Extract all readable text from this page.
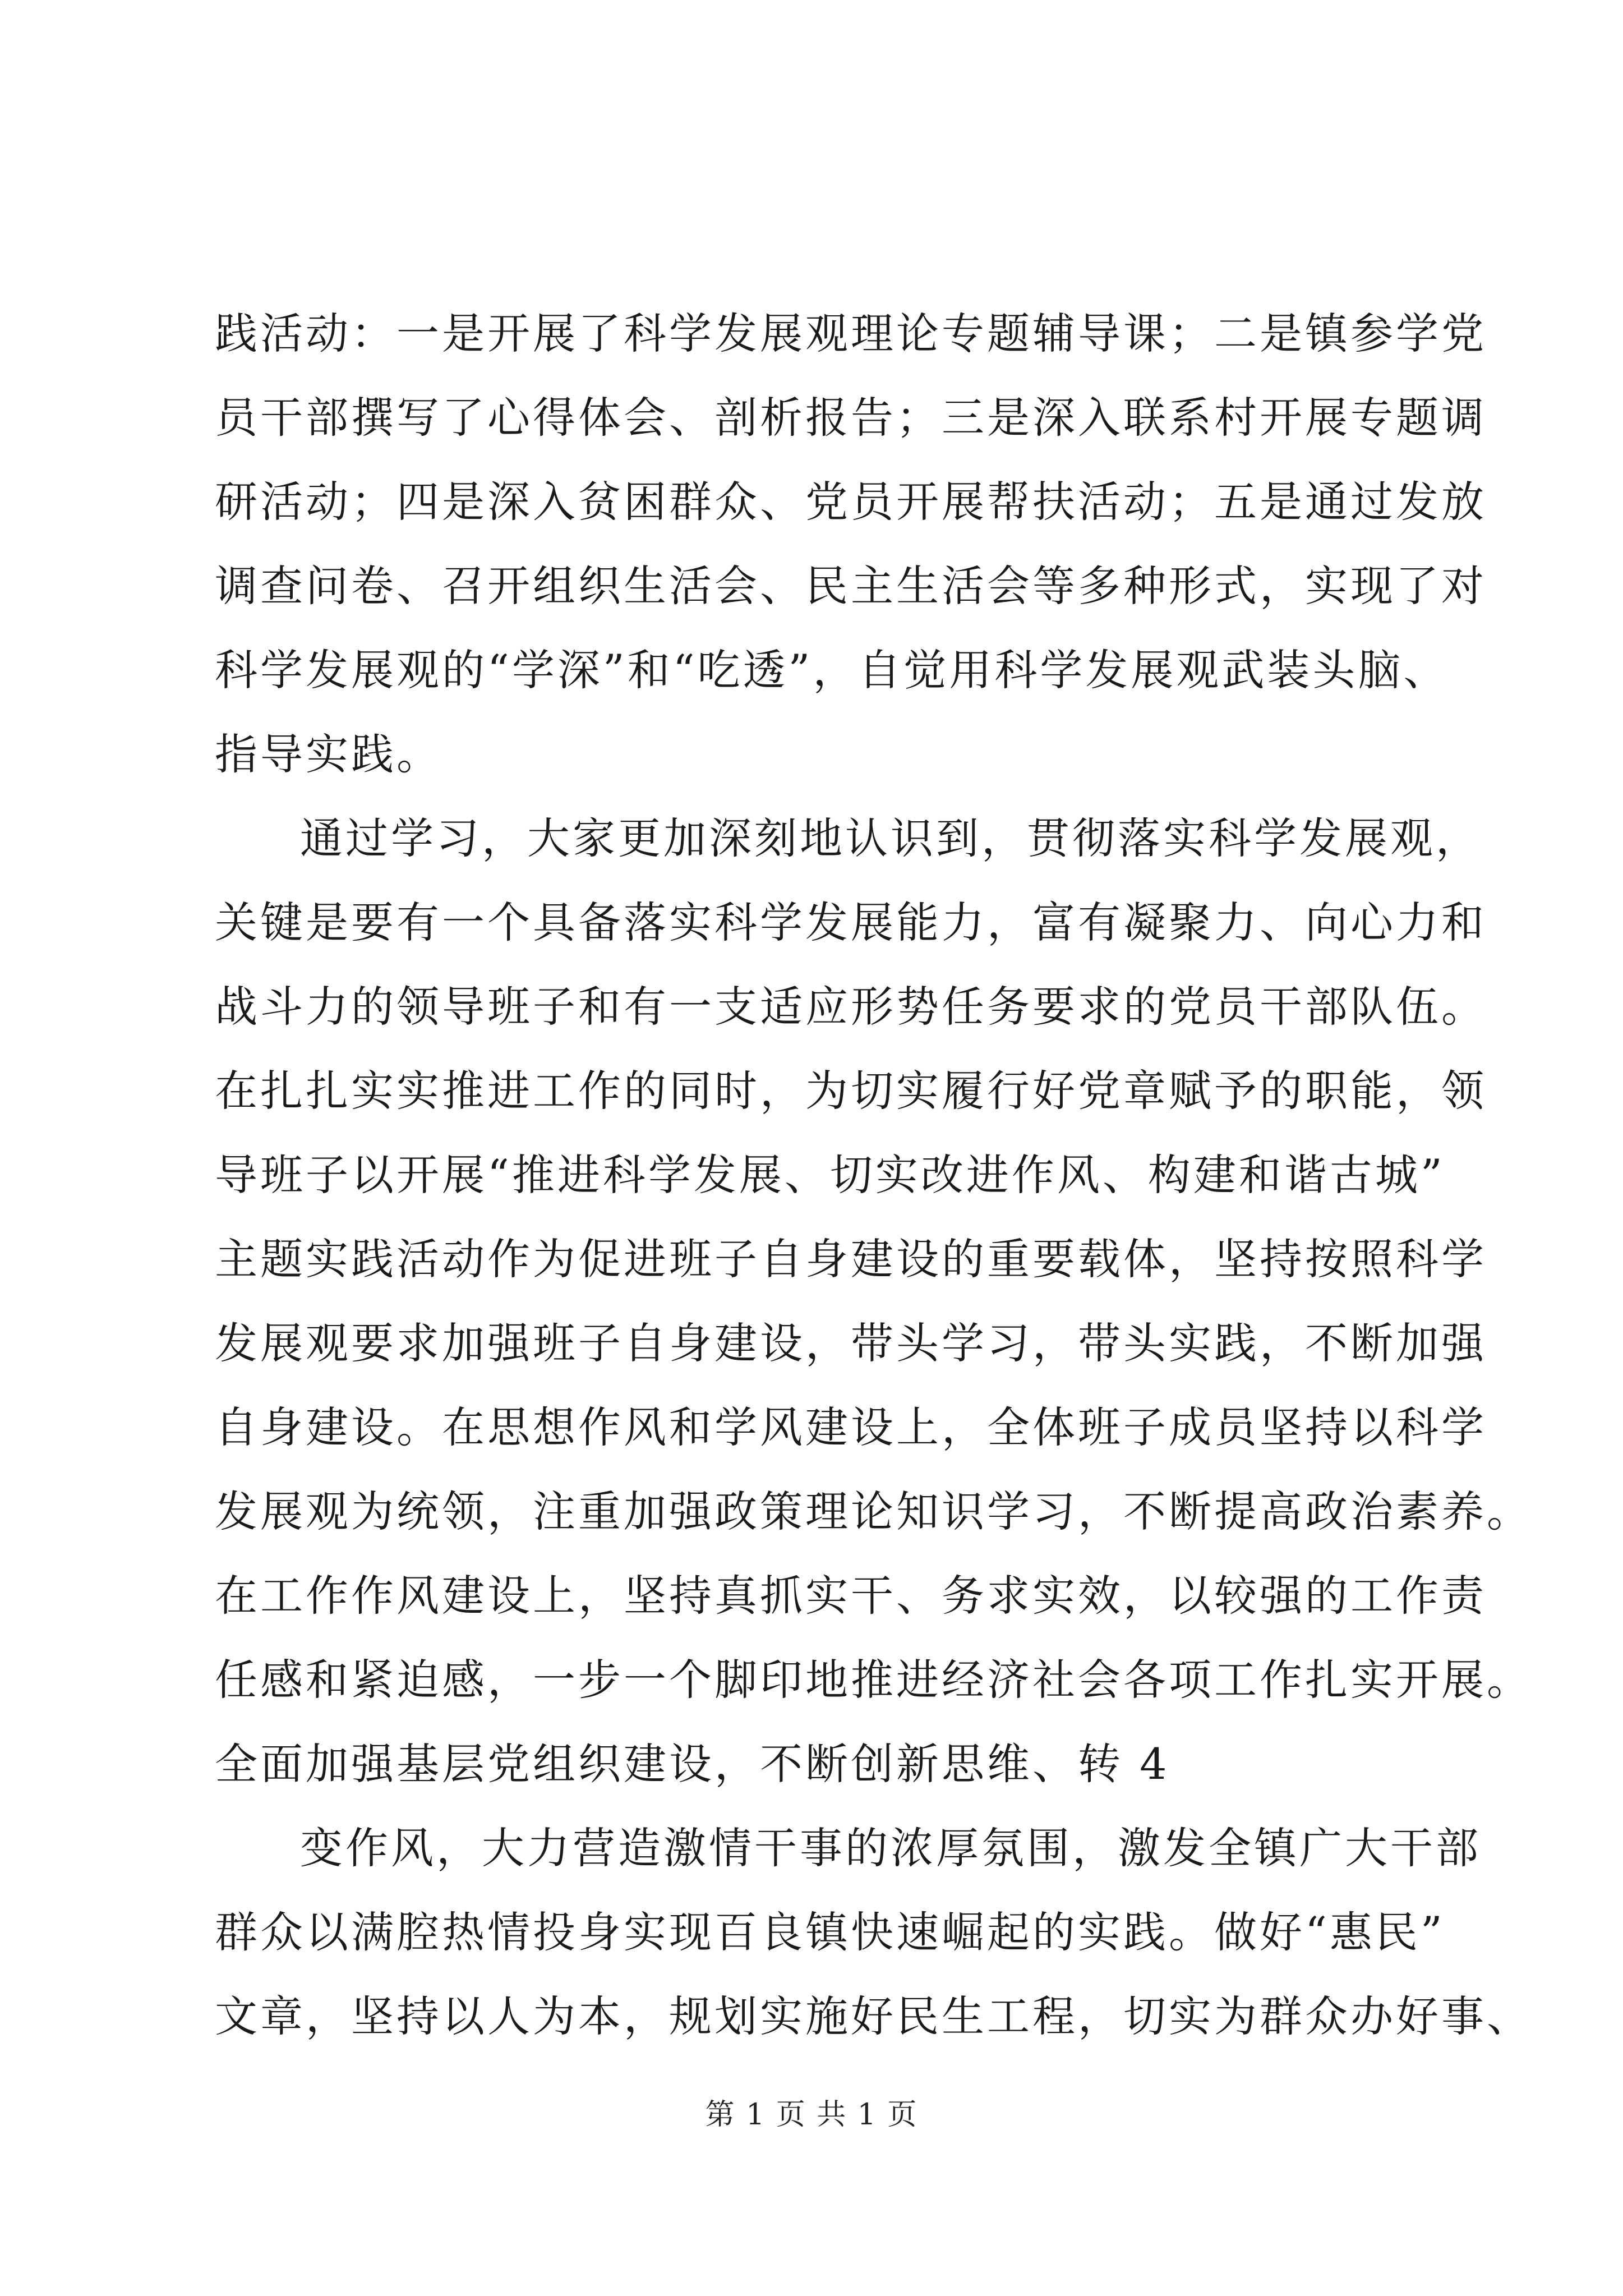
践活动：一是开展了科学发展观理论专题辅导课；二是镇参学党
员干部撰写了心得体会、剖析报告；三是深入联系村开展专题调
研活动；四是深入贫困群众、党员开展帮扶活动；五是通过发放
调查问卷、召开组织生活会、民主生活会等多种形式，实现了对
科学发展观的“学深”和“吃透”，自觉用科学发展观武装头脑、
指导实践。
通过学习，大家更加深刻地认识到，贯彻落实科学发展观，
关键是要有一个具备落实科学发展能力，富有凝聚力、向心力和
战斗力的领导班子和有一支适应形势任务要求的党员干部队伍。
在扎扎实实推进工作的同时，为切实履行好党章赋予的职能，领
导班子以开展“推进科学发展、切实改进作风、构建和谐古城”
主题实践活动作为促进班子自身建设的重要载体，坚持按照科学
发展观要求加强班子自身建设，带头学习，带头实践，不断加强
自身建设。在思想作风和学风建设上，全体班子成员坚持以科学
发展观为统领，注重加强政策理论知识学习，不断提高政治素养。
在工作作风建设上，坚持真抓实干、务求实效，以较强的工作责
任感和紧迫感，一步一个脚印地推进经济社会各项工作扎实开展。
全面加强基层党组织建设，不断创新思维、转 4
变作风，大力营造激情干事的浓厚氛围，激发全镇广大干部
群众以满腔热情投身实现百良镇快速崛起的实践。做好“惠民”
文章，坚持以人为本，规划实施好民生工程，切实为群众办好事、
第 1 页 共 1 页
